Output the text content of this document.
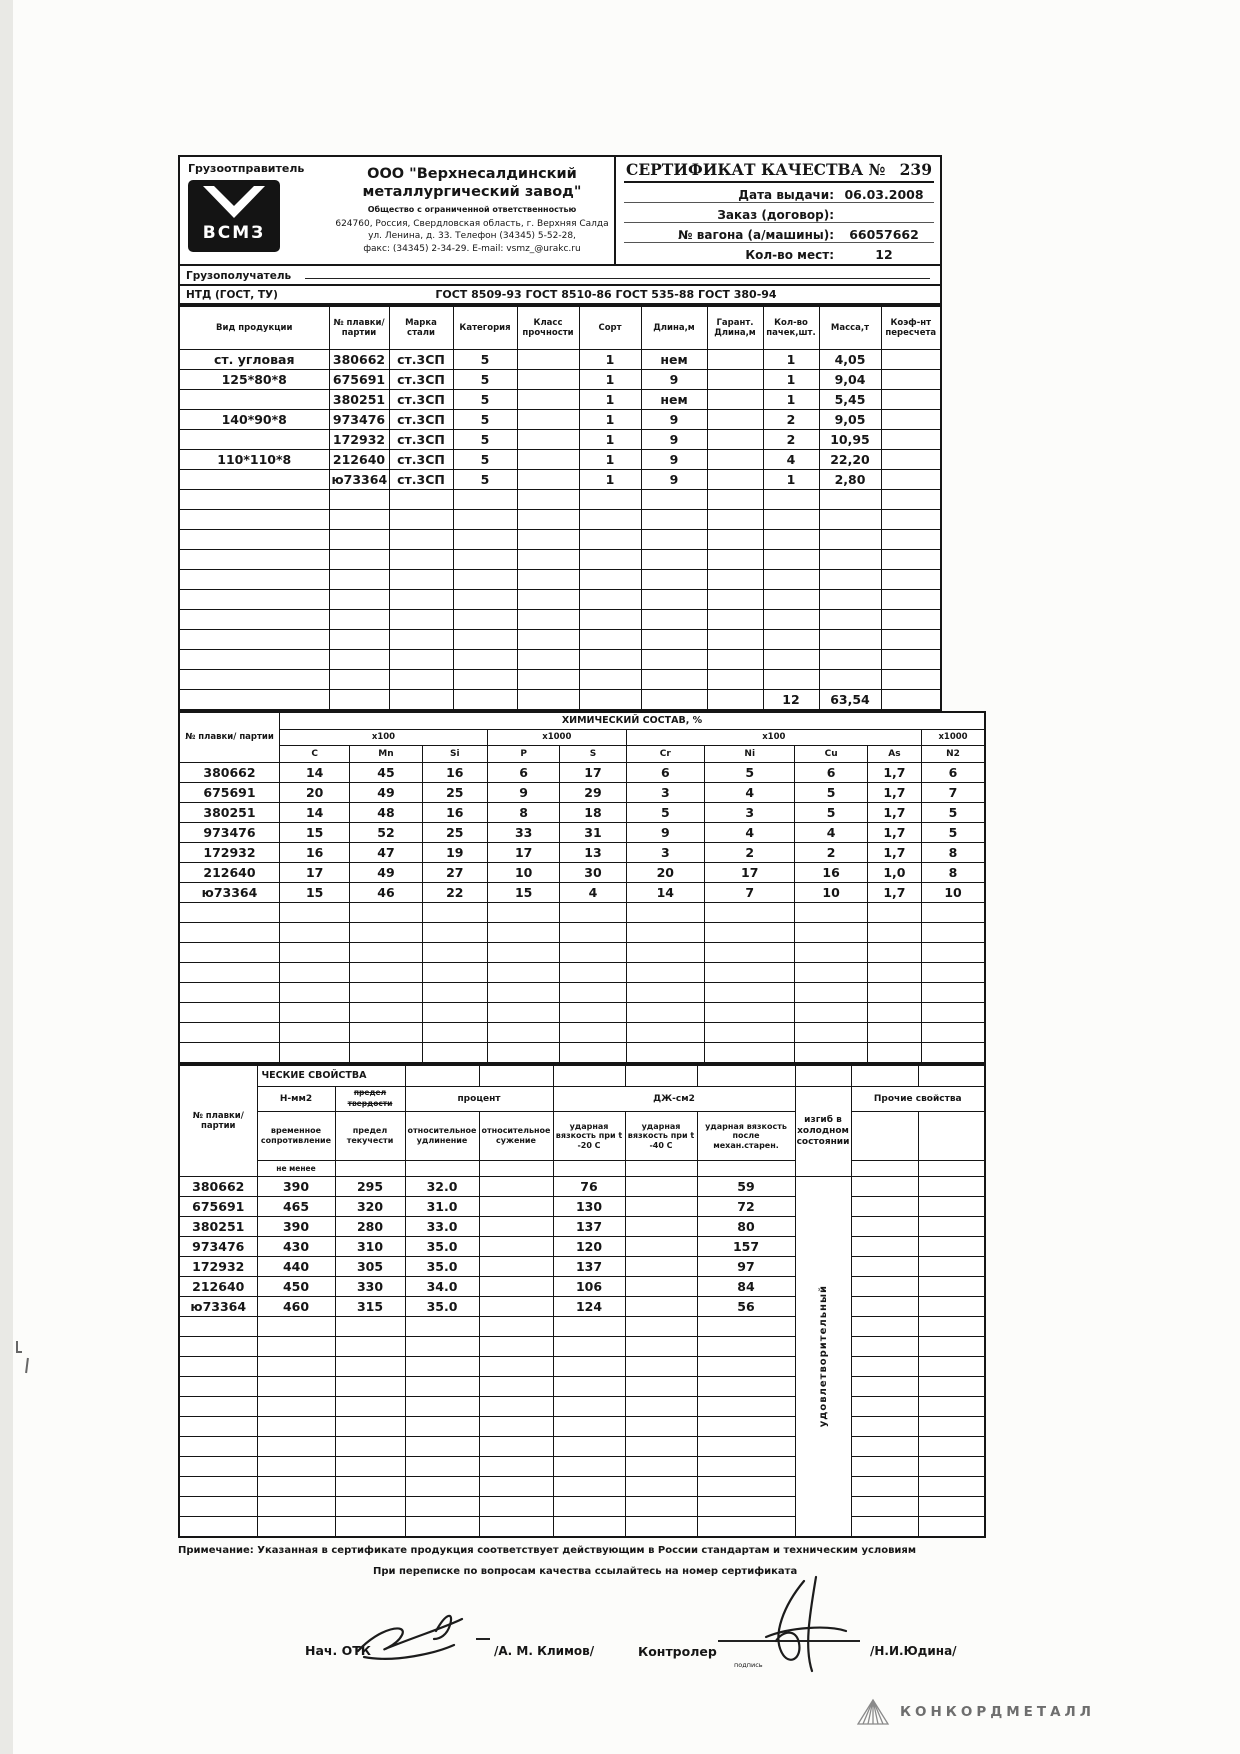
Грузоотправитель
ВСМЗ
ООО "Верхнесалдинский
металлургический завод"
Общество с ограниченной ответственностью
624760, Россия, Свердловская область, г. Верхняя Салда
ул. Ленина, д. 33. Телефон (34345) 5-52-28,
факс: (34345) 2-34-29. E-mail: vsmz_@urakc.ru
СЕРТИФИКАТ КАЧЕСТВА № 239
Дата выдачи: 06.03.2008
Заказ (договор):
№ вагона (а/машины):	66057662
Кол-во мест:	12
Грузополучатель
НТД (ГОСТ, ТУ)	ГОСТ 8509-93 ГОСТ 8510-86 ГОСТ 535-88 ГОСТ 380-94
Вид продукции	№ плавки/ партии	Марка стали	Категория	Класс прочности	Сорт	Длина,м	Гарант. Длина,м	Кол-во пачек,шт.	Масса,т	Коэф-нт пересчета
ст. угловая	380662	ст.3СП	5		1	нем		1	4,05	
125*80*8	675691	ст.3СП	5		1	9		1	9,04	
	380251	ст.3СП	5		1	нем		1	5,45	
140*90*8	973476	ст.3СП	5		1	9		2	9,05	
	172932	ст.3СП	5		1	9		2	10,95	
110*110*8	212640	ст.3СП	5		1	9		4	22,20	
	ю73364	ст.3СП	5		1	9		1	2,80	

								12	63,54	
№ плавки/ партии	ХИМИЧЕСКИЙ СОСТАВ, %									
	х100			х1000		х100				х1000
	С	Mn	Si	P	S	Cr	Ni	Cu	As	N2
380662	14	45	16	6	17	6	5	6	1,7	6
675691	20	49	25	9	29	3	4	5	1,7	7
380251	14	48	16	8	18	5	3	5	1,7	5
973476	15	52	25	33	31	9	4	4	1,7	5
172932	16	47	19	17	13	3	2	2	1,7	8
212640	17	49	27	10	30	20	17	16	1,0	8
ю73364	15	46	22	15	4	14	7	10	1,7	10

№ плавки/ партии	ЧЕСКИЕ СВОЙСТВА									
	Н-мм2	предел твердости	процент		ДЖ-см2			изгиб в холодном состоянии	Прочие свойства	
	временное сопротивление	предел текучести	относительное удлинение	относительное сужение	ударная вязкость при t -20 С	ударная вязкость при t -40 С	ударная вязкость после механ.старен.			
	не менее									
380662	390	295	32.0		76		59	удовлетворительный		

675691	465	320	31.0		130		72			
380251	390	280	33.0		137		80			
973476	430	310	35.0		120		157			
172932	440	305	35.0		137		97			
212640	450	330	34.0		106		84			
ю73364	460	315	35.0		124		56			

Примечание: Указанная в сертификате продукция соответствует действующим в России стандартам и техническим условиям
При переписке по вопросам качества ссылайтесь на номер сертификата
Нач. ОТК	/А. М. Климов/	Контролер
подпись
/Н.И.Юдина/
КОНКОРДМЕТАЛЛ
